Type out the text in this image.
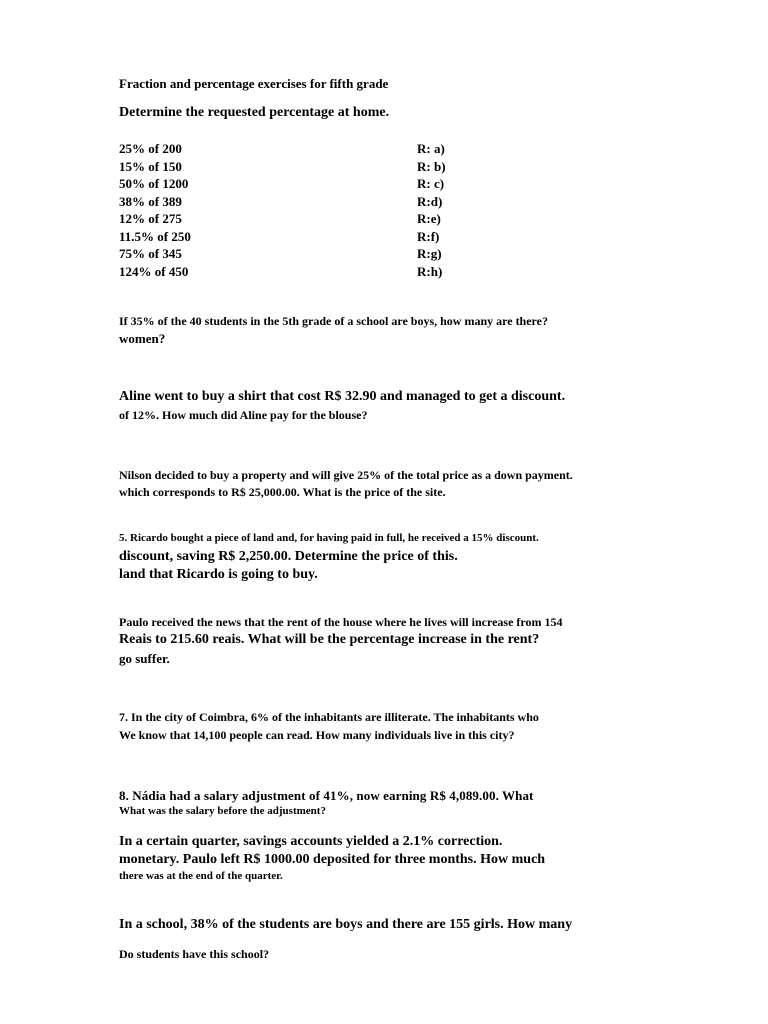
Fraction and percentage exercises for fifth grade
Determine the requested percentage at home.
25% of 200	R: a)
15% of 150	R: b)
50% of 1200	R: c)
38% of 389	R:d)
12% of 275	R:e)
11.5% of 250	R:f)
75% of 345	R:g)
124% of 450	R:h)
If 35% of the 40 students in the 5th grade of a school are boys, how many are there?
women?
Aline went to buy a shirt that cost R$ 32.90 and managed to get a discount.
of 12%. How much did Aline pay for the blouse?
Nilson decided to buy a property and will give 25% of the total price as a down payment.
which corresponds to R$ 25,000.00. What is the price of the site.
5. Ricardo bought a piece of land and, for having paid in full, he received a 15% discount.
discount, saving R$ 2,250.00. Determine the price of this.
land that Ricardo is going to buy.
Paulo received the news that the rent of the house where he lives will increase from 154
Reais to 215.60 reais. What will be the percentage increase in the rent?
go suffer.
7. In the city of Coimbra, 6% of the inhabitants are illiterate. The inhabitants who
We know that 14,100 people can read. How many individuals live in this city?
8. Nádia had a salary adjustment of 41%, now earning R$ 4,089.00. What
What was the salary before the adjustment?
In a certain quarter, savings accounts yielded a 2.1% correction.
monetary. Paulo left R$ 1000.00 deposited for three months. How much
there was at the end of the quarter.
In a school, 38% of the students are boys and there are 155 girls. How many
Do students have this school?
